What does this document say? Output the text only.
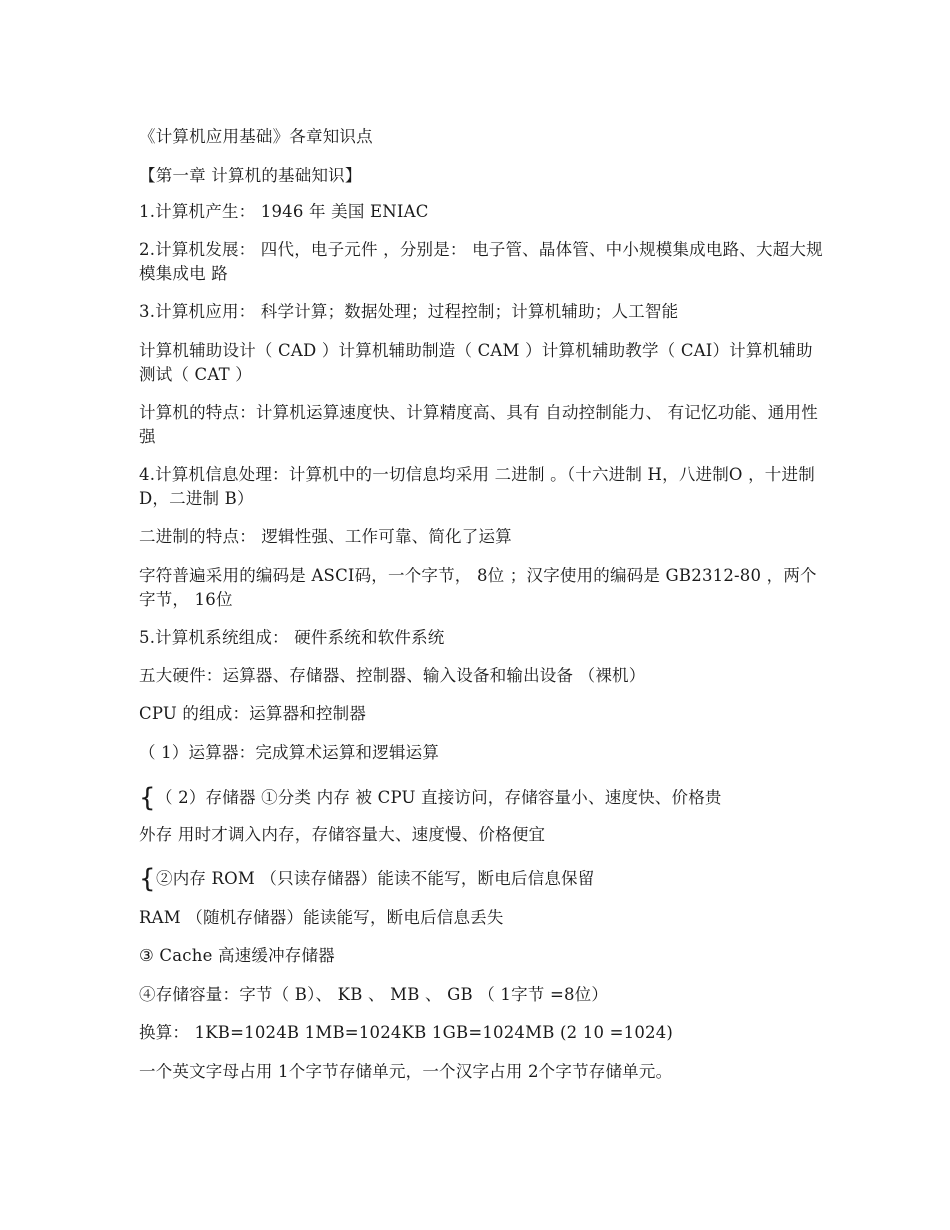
《计算机应用基础》各章知识点
【第一章 计算机的基础知识】
1.计算机产生： 1946 年 美国 ENIAC
2.计算机发展： 四代，电子元件 ，分别是： 电子管、晶体管、中小规模集成电路、大超大规模集成电 路
3.计算机应用： 科学计算；数据处理；过程控制；计算机辅助；人工智能
计算机辅助设计（ CAD ）计算机辅助制造（ CAM ）计算机辅助教学（ CAI）计算机辅助测试（ CAT ）
计算机的特点：计算机运算速度快、计算精度高、具有 自动控制能力、 有记忆功能、通用性强
4.计算机信息处理：计算机中的一切信息均采用 二进制 。（十六进制 H，八进制O ，十进制 D，二进制 B）
二进制的特点： 逻辑性强、工作可靠、简化了运算
字符普遍采用的编码是 ASCI码，一个字节， 8位 ；汉字使用的编码是 GB2312-80 ，两个字节， 16位
5.计算机系统组成： 硬件系统和软件系统
五大硬件：运算器、存储器、控制器、输入设备和输出设备 （裸机）
CPU 的组成：运算器和控制器
（ 1）运算器：完成算术运算和逻辑运算
{ （ 2）存储器 ①分类 内存 被 CPU 直接访问，存储容量小、速度快、价格贵
外存 用时才调入内存，存储容量大、速度慢、价格便宜
{ ②内存 ROM （只读存储器）能读不能写，断电后信息保留
RAM （随机存储器）能读能写，断电后信息丢失
③ Cache 高速缓冲存储器
④存储容量：字节（ B）、 KB 、 MB 、 GB （ 1字节 =8位）
换算： 1KB=1024B 1MB=1024KB 1GB=1024MB (2 10 =1024)
一个英文字母占用 1个字节存储单元，一个汉字占用 2个字节存储单元。
